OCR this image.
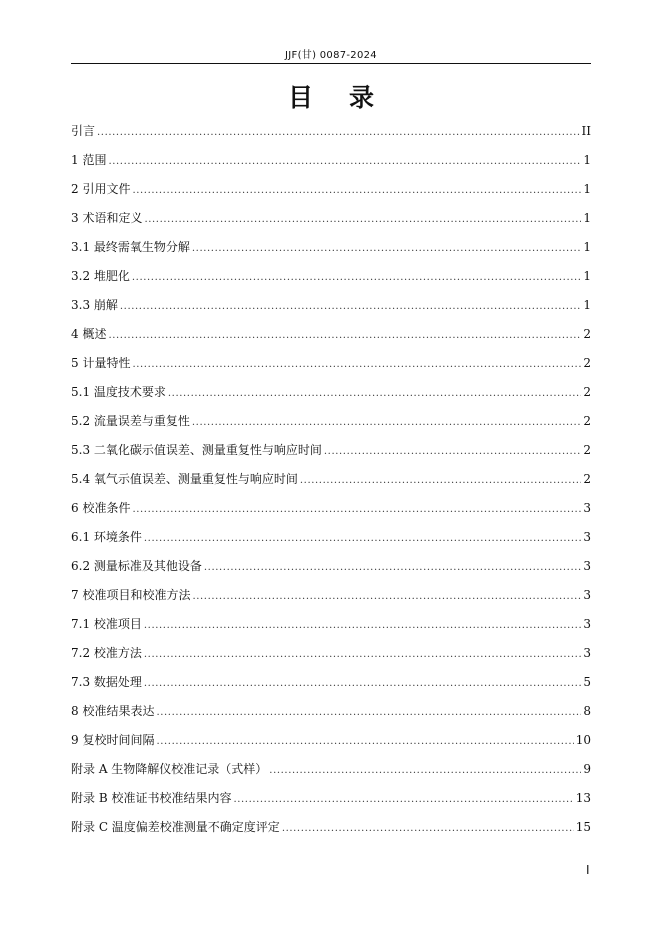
JJF(甘) 0087-2024
目录
引言 .....	II
1 范围 .....	1
2 引用文件 .....	1
3 术语和定义 .....	1
3.1 最终需氧生物分解 .....	1
3.2 堆肥化 .....	1
3.3 崩解 .....	1
4 概述 .....	2
5 计量特性 .....	2
5.1 温度技术要求 .....	2
5.2 流量误差与重复性 .....	2
5.3 二氧化碳示值误差、测量重复性与响应时间 .....	2
5.4 氧气示值误差、测量重复性与响应时间 .....	2
6 校准条件 .....	3
6.1 环境条件 .....	3
6.2 测量标准及其他设备 .....	3
7 校准项目和校准方法 .....	3
7.1 校准项目 .....	3
7.2 校准方法 .....	3
7.3 数据处理 .....	5
8 校准结果表达 .....	8
9 复校时间间隔 .....	10
附录 A 生物降解仪校准记录（式样） .....	9
附录 B 校准证书校准结果内容 .....	13
附录 C 温度偏差校准测量不确定度评定 .....	15
I
